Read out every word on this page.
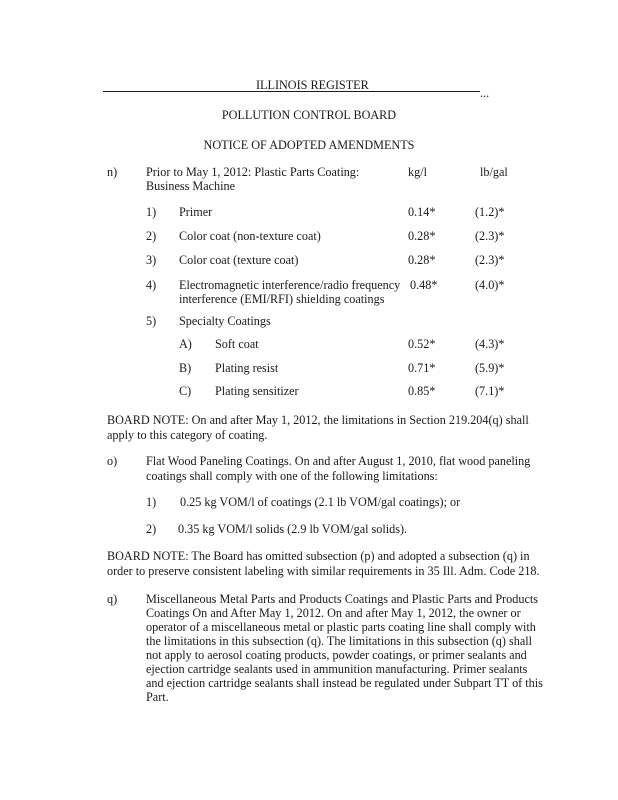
ILLINOIS REGISTER
...
POLLUTION CONTROL BOARD
NOTICE OF ADOPTED AMENDMENTS
n) Prior to May 1, 2012: Plastic Parts Coating:
Business Machine
kg/l	lb/gal
1) Primer	0.14*	(1.2)*
2) Color coat (non-texture coat)	0.28*	(2.3)*
3) Color coat (texture coat)	0.28*	(2.3)*
4) Electromagnetic interference/radio frequency
interference (EMI/RFI) shielding coatings
0.48*	(4.0)*
5) Specialty Coatings
A) Soft coat	0.52*	(4.3)*
B) Plating resist	0.71*	(5.9)*
C) Plating sensitizer	0.85*	(7.1)*
BOARD NOTE: On and after May 1, 2012, the limitations in Section 219.204(q) shall
apply to this category of coating.
o) Flat Wood Paneling Coatings. On and after August 1, 2010, flat wood paneling
coatings shall comply with one of the following limitations:
1) 0.25 kg VOM/l of coatings (2.1 lb VOM/gal coatings); or
2) 0.35 kg VOM/l solids (2.9 lb VOM/gal solids).
BOARD NOTE: The Board has omitted subsection (p) and adopted a subsection (q) in
order to preserve consistent labeling with similar requirements in 35 Ill. Adm. Code 218.
q) Miscellaneous Metal Parts and Products Coatings and Plastic Parts and Products
Coatings On and After May 1, 2012. On and after May 1, 2012, the owner or
operator of a miscellaneous metal or plastic parts coating line shall comply with
the limitations in this subsection (q). The limitations in this subsection (q) shall
not apply to aerosol coating products, powder coatings, or primer sealants and
ejection cartridge sealants used in ammunition manufacturing. Primer sealants
and ejection cartridge sealants shall instead be regulated under Subpart TT of this
Part.
